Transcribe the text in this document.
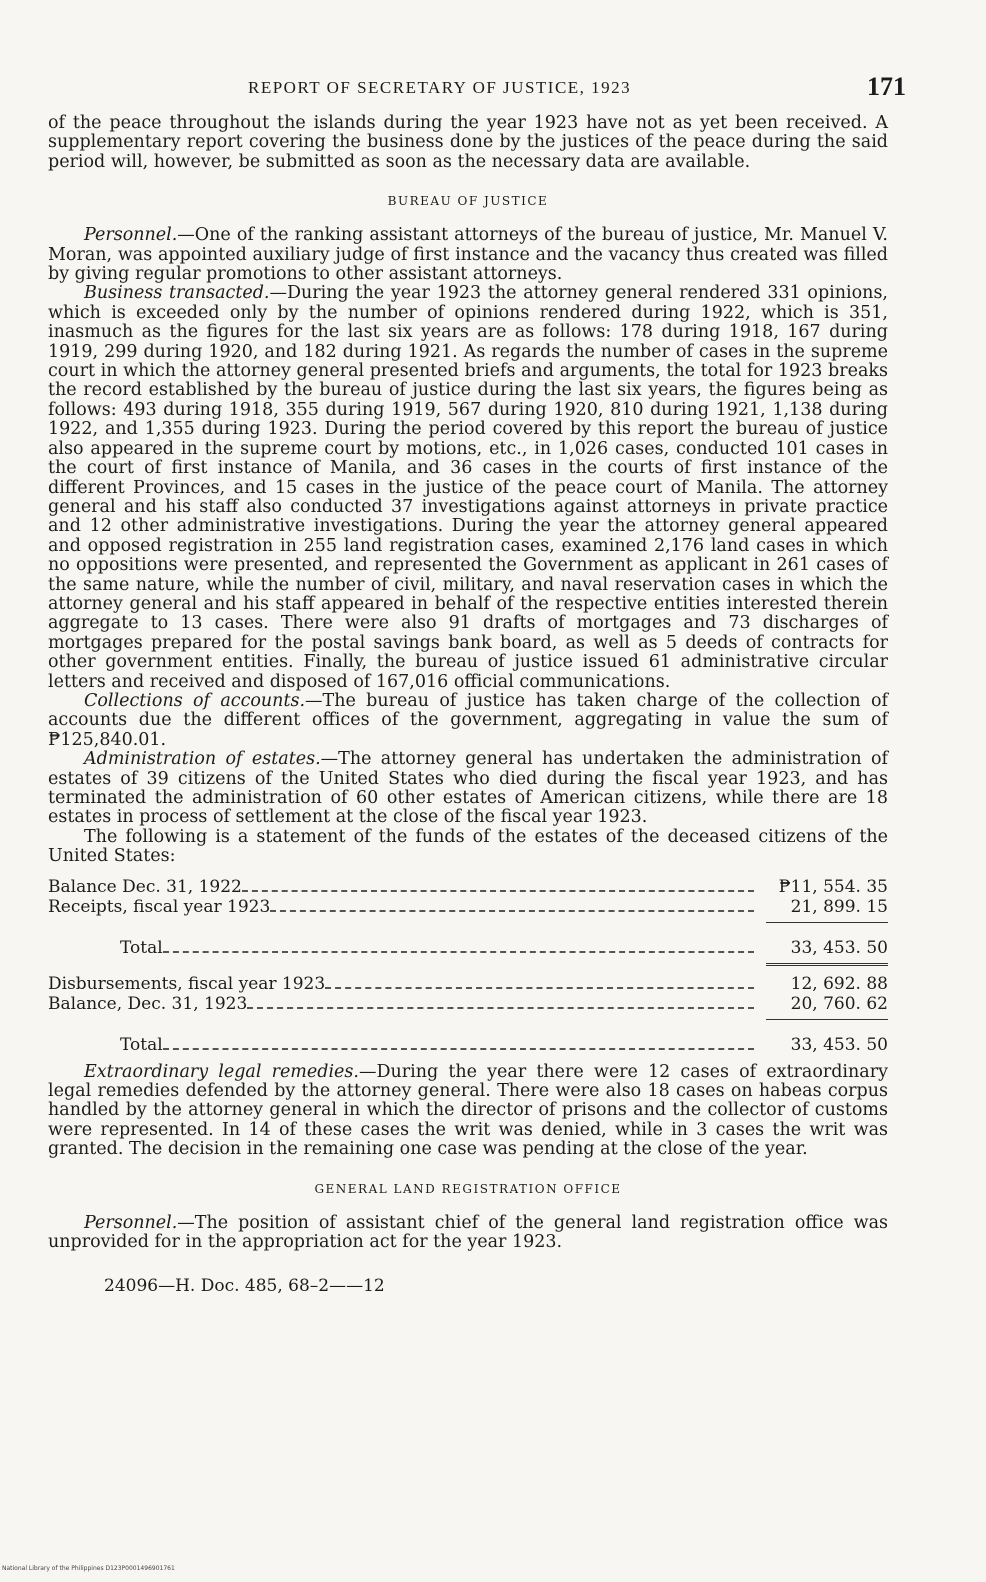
REPORT OF SECRETARY OF JUSTICE, 1923	171

of the peace throughout the islands during the year 1923 have not as yet been received. A supplementary report covering the business done by the justices of the peace during the said period will, however, be submitted as soon as the necessary data are available.

BUREAU OF JUSTICE

Personnel.—One of the ranking assistant attorneys of the bureau of justice, Mr. Manuel V. Moran, was appointed auxiliary judge of first instance and the vacancy thus created was filled by giving regular promotions to other assistant attorneys.

Business transacted.—During the year 1923 the attorney general rendered 331 opinions, which is exceeded only by the number of opinions rendered during 1922, which is 351, inasmuch as the figures for the last six years are as follows: 178 during 1918, 167 during 1919, 299 during 1920, and 182 during 1921. As regards the number of cases in the supreme court in which the attorney general presented briefs and arguments, the total for 1923 breaks the record established by the bureau of justice during the last six years, the figures being as follows: 493 during 1918, 355 during 1919, 567 during 1920, 810 during 1921, 1,138 during 1922, and 1,355 during 1923. During the period covered by this report the bureau of justice also appeared in the supreme court by motions, etc., in 1,026 cases, conducted 101 cases in the court of first instance of Manila, and 36 cases in the courts of first instance of the different Provinces, and 15 cases in the justice of the peace court of Manila. The attorney general and his staff also conducted 37 investigations against attorneys in private practice and 12 other administrative investigations. During the year the attorney general appeared and opposed registration in 255 land registration cases, examined 2,176 land cases in which no oppositions were presented, and represented the Government as applicant in 261 cases of the same nature, while the number of civil, military, and naval reservation cases in which the attorney general and his staff appeared in behalf of the respective entities interested therein aggregate to 13 cases. There were also 91 drafts of mortgages and 73 discharges of mortgages prepared for the postal savings bank board, as well as 5 deeds of contracts for other government entities. Finally, the bureau of justice issued 61 administrative circular letters and received and disposed of 167,016 official communications.

Collections of accounts.—The bureau of justice has taken charge of the collection of accounts due the different offices of the government, aggregating in value the sum of ₱125,840.01.

Administration of estates.—The attorney general has undertaken the administration of estates of 39 citizens of the United States who died during the fiscal year 1923, and has terminated the administration of 60 other estates of American citizens, while there are 18 estates in process of settlement at the close of the fiscal year 1923.

The following is a statement of the funds of the estates of the deceased citizens of the United States:

Balance Dec. 31, 1922	₱11, 554. 35
Receipts, fiscal year 1923	21, 899. 15
Total	33, 453. 50
Disbursements, fiscal year 1923	12, 692. 88
Balance, Dec. 31, 1923	20, 760. 62
Total	33, 453. 50

Extraordinary legal remedies.—During the year there were 12 cases of extraordinary legal remedies defended by the attorney general. There were also 18 cases on habeas corpus handled by the attorney general in which the director of prisons and the collector of customs were represented. In 14 of these cases the writ was denied, while in 3 cases the writ was granted. The decision in the remaining one case was pending at the close of the year.

GENERAL LAND REGISTRATION OFFICE

Personnel.—The position of assistant chief of the general land registration office was unprovided for in the appropriation act for the year 1923.

24096—H. Doc. 485, 68–2——12
National Library of the Philippines D123P0001496901761
